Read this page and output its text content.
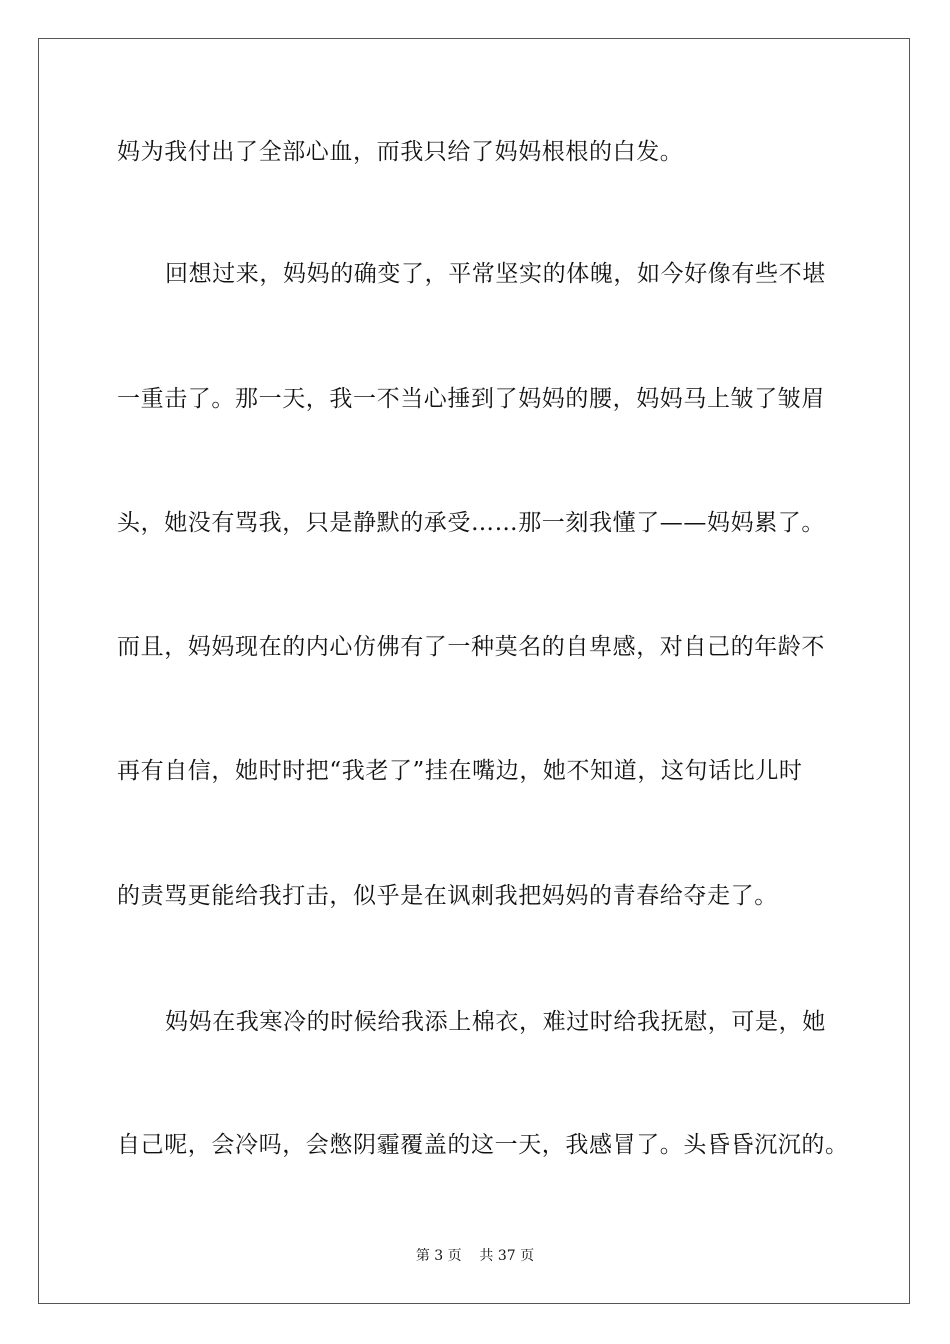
妈为我付出了全部心血，而我只给了妈妈根根的白发。
回想过来，妈妈的确变了，平常坚实的体魄，如今好像有些不堪
一重击了。那一天，我一不当心捶到了妈妈的腰，妈妈马上皱了皱眉
头，她没有骂我，只是静默的承受……那一刻我懂了——妈妈累了。
而且，妈妈现在的内心仿佛有了一种莫名的自卑感，对自己的年龄不
再有自信，她时时把“我老了”挂在嘴边，她不知道，这句话比儿时
的责骂更能给我打击，似乎是在讽刺我把妈妈的青春给夺走了。
妈妈在我寒冷的时候给我添上棉衣，难过时给我抚慰，可是，她
自己呢，会冷吗，会憋阴霾覆盖的这一天，我感冒了。头昏昏沉沉的。
第 3 页    共 37 页
